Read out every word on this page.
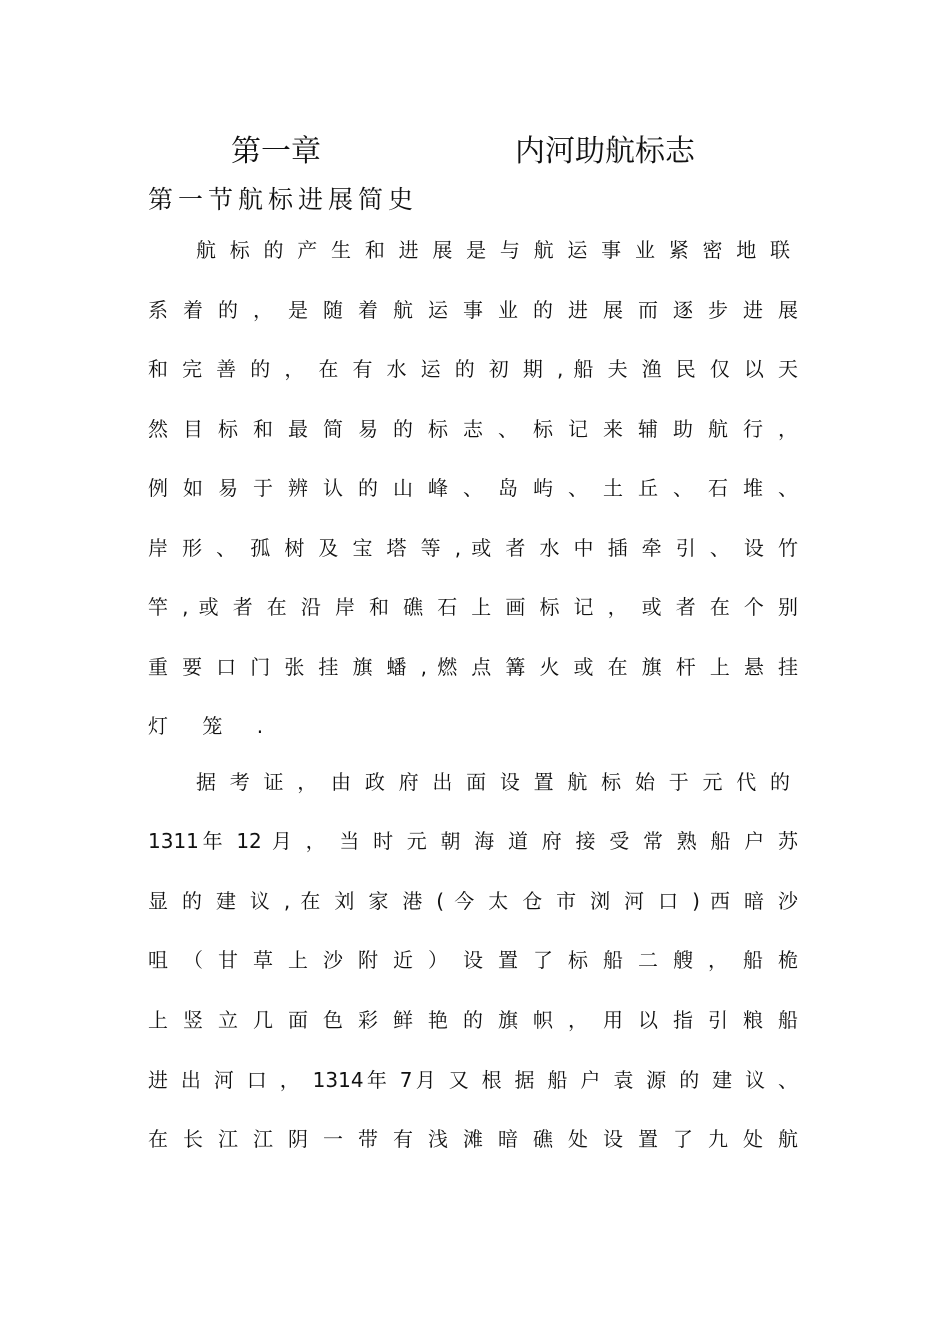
第一章	内河助航标志
第一节航标进展简史
航 标 的 产 生 和 进 展 是 与 航 运 事 业 紧 密 地 联
系 着 的 ， 是 随 着 航 运 事 业 的 进 展 而 逐 步 进 展
和 完 善 的 ， 在 有 水 运 的 初 期 , 船 夫 渔 民 仅 以 天
然 目 标 和 最 简 易 的 标 志 、 标 记 来 辅 助 航 行 ，
例 如 易 于 辨 认 的 山 峰 、 岛 屿 、 土 丘 、 石 堆 、
岸 形 、 孤 树 及 宝 塔 等 , 或 者 水 中 插 牵 引 、 设 竹
竿 , 或 者 在 沿 岸 和 礁 石 上 画 标 记 ， 或 者 在 个 别
重 要 口 门 张 挂 旗 蟠 , 燃 点 篝 火 或 在 旗 杆 上 悬 挂
灯 笼 .
据 考 证 ， 由 政 府 出 面 设 置 航 标 始 于 元 代 的
1311年 12 月 ， 当 时 元 朝 海 道 府 接 受 常 熟 船 户 苏
显 的 建 议 , 在 刘 家 港 ( 今 太 仓 市 浏 河 口 ) 西 暗 沙
咀 （ 甘 草 上 沙 附 近 ） 设 置 了 标 船 二 艘 ， 船 桅
上 竖 立 几 面 色 彩 鲜 艳 的 旗 帜 ， 用 以 指 引 粮 船
进 出 河 口 ， 1314年 7月 又 根 据 船 户 袁 源 的 建 议 、
在 长 江 江 阴 一 带 有 浅 滩 暗 礁 处 设 置 了 九 处 航
